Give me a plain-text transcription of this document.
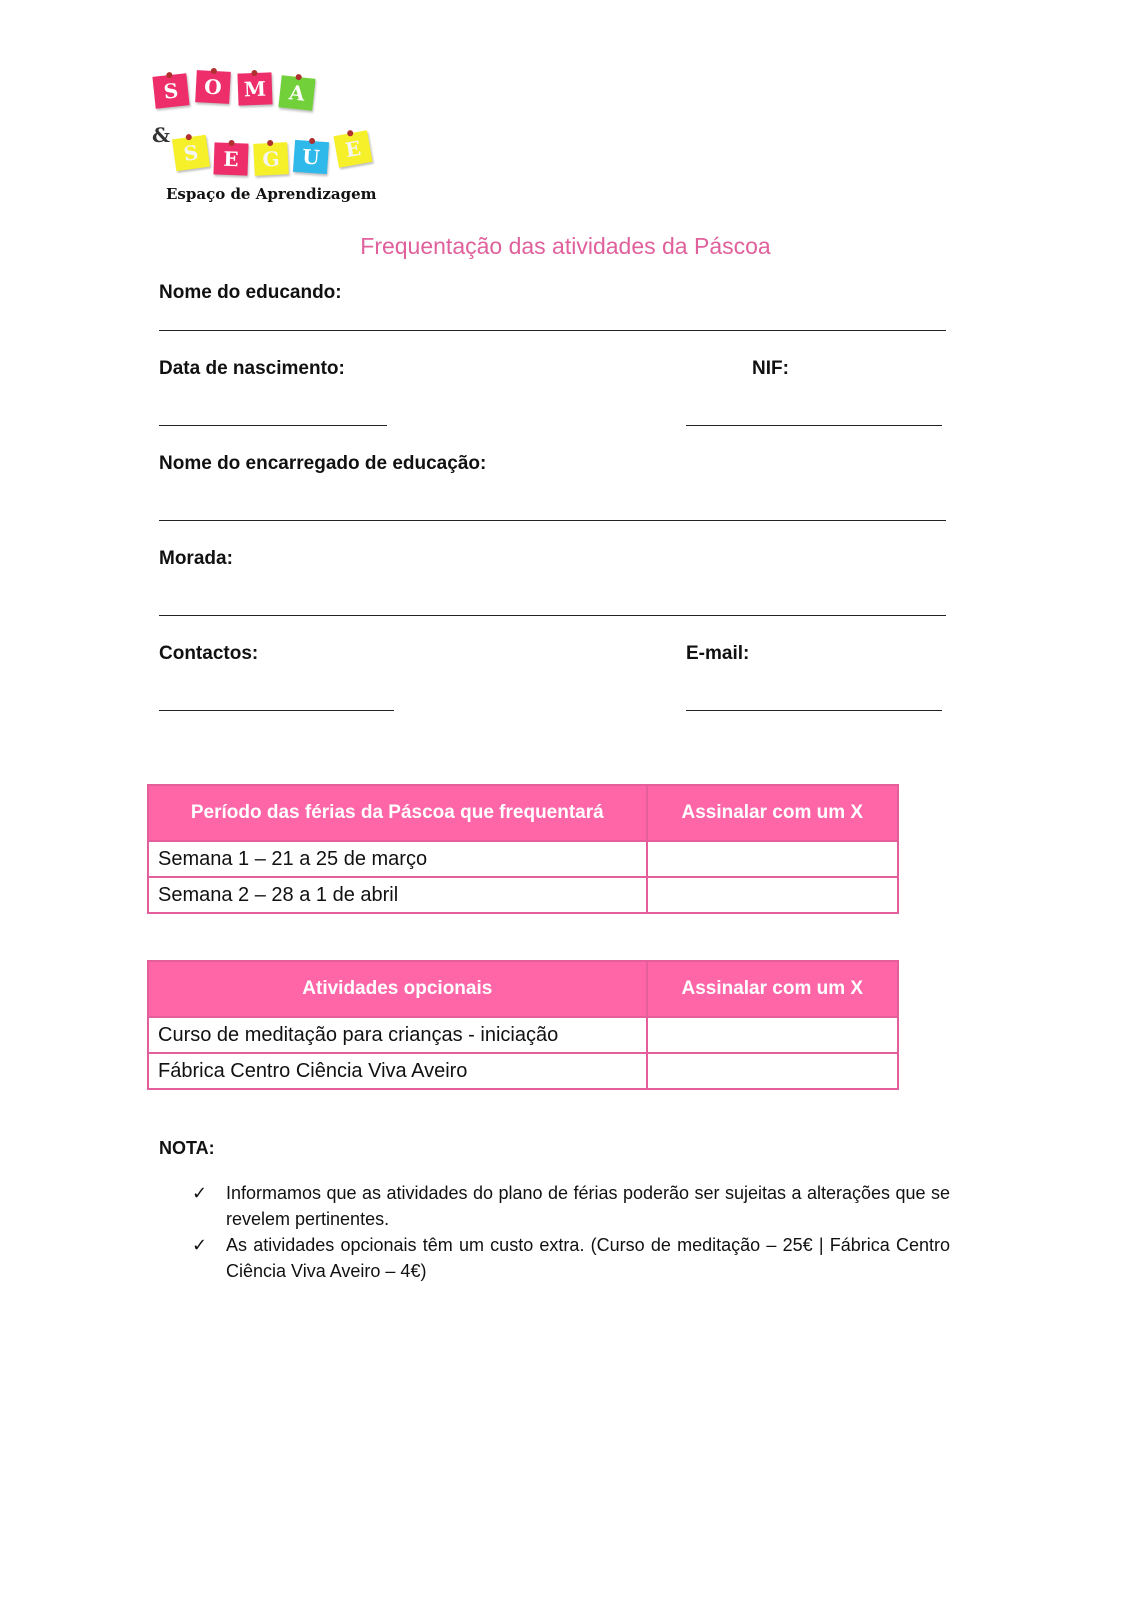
S	O	M	A
&
S	E	G	U	E
Espaço de Aprendizagem
Frequentação das atividades da Páscoa
Nome do educando:
Data de nascimento:	NIF:
Nome do encarregado de educação:
Morada:
Contactos:	E-mail:
Período das férias da Páscoa que frequentará	Assinalar com um X
Semana 1 – 21 a 25 de março	
Semana 2 – 28 a 1 de abril	
Atividades opcionais	Assinalar com um X
Curso de meditação para crianças - iniciação	
Fábrica Centro Ciência Viva Aveiro	
NOTA:
✓ Informamos que as atividades do plano de férias poderão ser sujeitas a alterações que se revelem pertinentes.
✓ As atividades opcionais têm um custo extra. (Curso de meditação – 25€ | Fábrica Centro Ciência Viva Aveiro – 4€)
